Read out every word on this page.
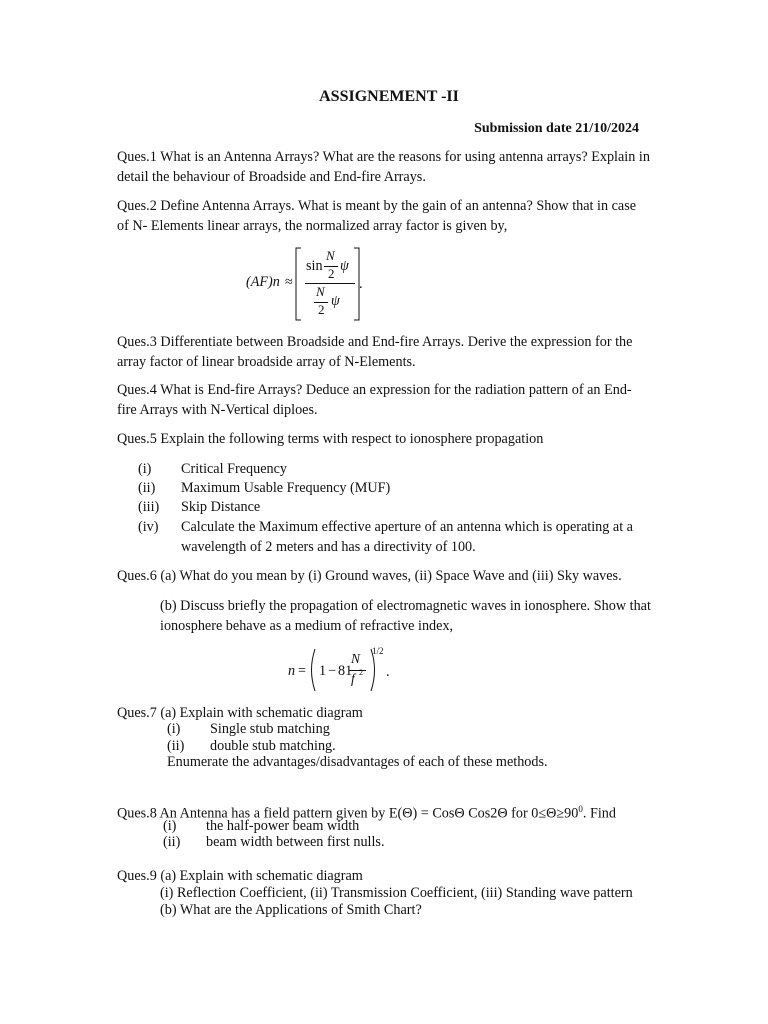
ASSIGNEMENT -II
Submission date 21/10/2024
Ques.1 What is an Antenna Arrays? What are the reasons for using antenna arrays? Explain in
detail the behaviour of Broadside and End-fire Arrays.
Ques.2 Define Antenna Arrays. What is meant by the gain of an antenna? Show that in case
of N- Elements linear arrays, the normalized array factor is given by,
(AF)n ≈
sin
N
2 ψ
N
2
ψ
.
Ques.3 Differentiate between Broadside and End-fire Arrays. Derive the expression for the
array factor of linear broadside array of N-Elements.
Ques.4 What is End-fire Arrays? Deduce an expression for the radiation pattern of an End-
fire Arrays with N-Vertical diploes.
Ques.5 Explain the following terms with respect to ionosphere propagation
(i) Critical Frequency
(ii) Maximum Usable Frequency (MUF)
(iii) Skip Distance
(iv) Calculate the Maximum effective aperture of an antenna which is operating at a
wavelength of 2 meters and has a directivity of 100.
Ques.6 (a) What do you mean by (i) Ground waves, (ii) Space Wave and (iii) Sky waves.
(b) Discuss briefly the propagation of electromagnetic waves in ionosphere. Show that
ionosphere behave as a medium of refractive index,
n = 1 − 81
N
f 2
1/2
.
Ques.7 (a) Explain with schematic diagram
(i) Single stub matching
(ii) double stub matching.
Enumerate the advantages/disadvantages of each of these methods.
Ques.8 An Antenna has a field pattern given by E(Θ) = CosΘ Cos2Θ for $0\le\Theta\ge 90^0$. Find
(i) the half-power beam width
(ii) beam width between first nulls.
Ques.9 (a) Explain with schematic diagram
(i) Reflection Coefficient, (ii) Transmission Coefficient, (iii) Standing wave pattern
(b) What are the Applications of Smith Chart?
